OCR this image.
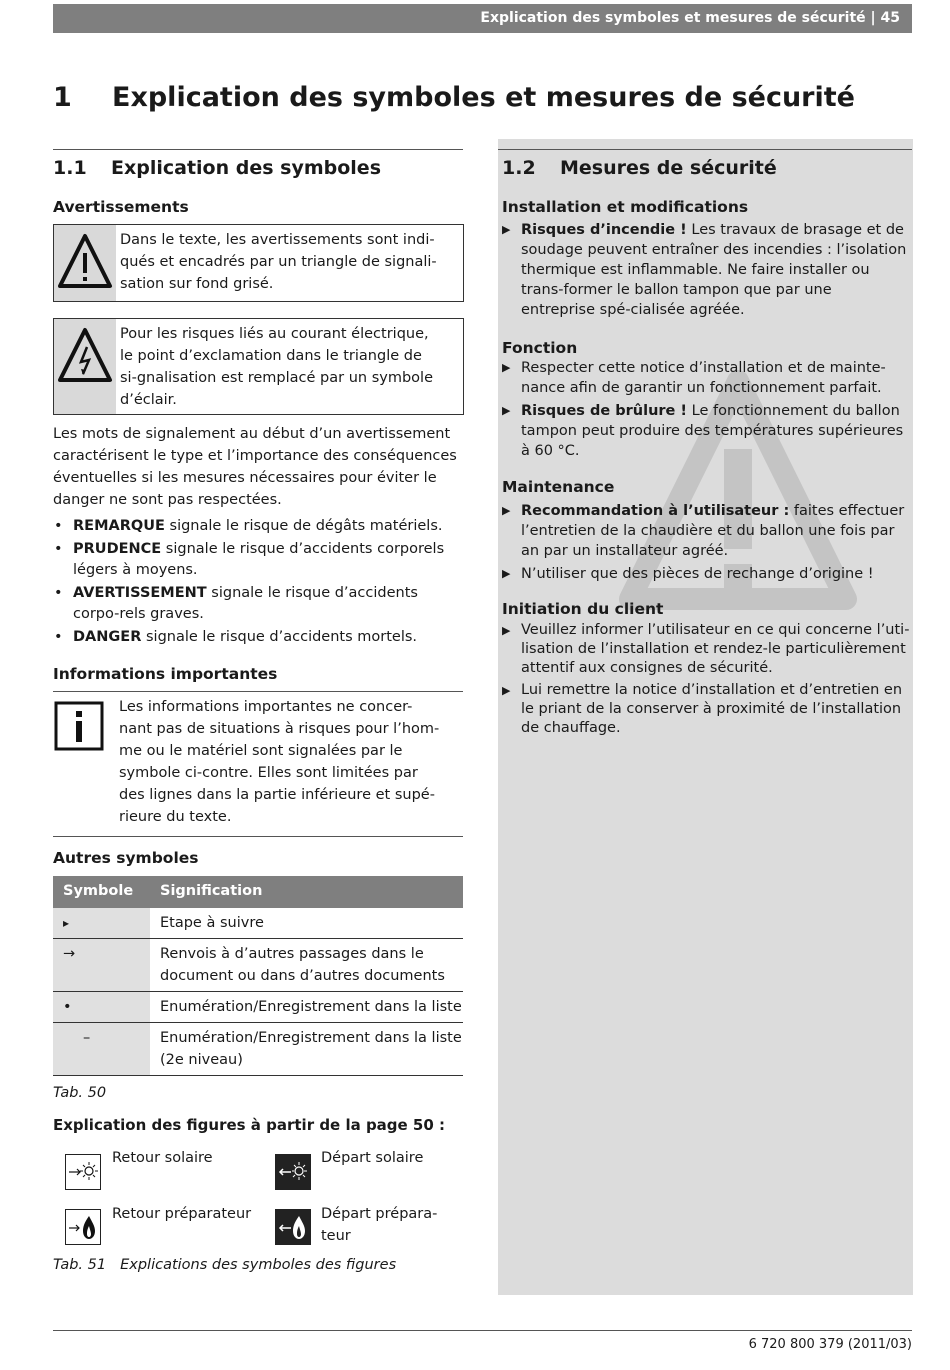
Explication des symboles et mesures de sécurité | 45
1 Explication des symboles et mesures de sécurité
1.1 Explication des symboles
Avertissements
Dans le texte, les avertissements sont indi-qués et encadrés par un triangle de signali-sation sur fond grisé.
Pour les risques liés au courant électrique, le point d’exclamation dans le triangle de si-gnalisation est remplacé par un symbole d’éclair.
Les mots de signalement au début d’un avertissement caractérisent le type et l’importance des conséquences éventuelles si les mesures nécessaires pour éviter le danger ne sont pas respectées.
• REMARQUE signale le risque de dégâts matériels.
• PRUDENCE signale le risque d’accidents corporels légers à moyens.
• AVERTISSEMENT signale le risque d’accidents corpo-rels graves.
• DANGER signale le risque d’accidents mortels.
Informations importantes
Les informations importantes ne concer-nant pas de situations à risques pour l’hom-me ou le matériel sont signalées par le symbole ci-contre. Elles sont limitées par des lignes dans la partie inférieure et supé-rieure du texte.
Autres symboles
Symbole Signification
▸	Etape à suivre
→	Renvois à d’autres passages dans le document ou dans d’autres documents
•	Enumération/Enregistrement dans la liste
–	Enumération/Enregistrement dans la liste (2e niveau)
Tab. 50
Explication des figures à partir de la page 50 :
Retour solaire	Départ solaire
Retour préparateur	Départ prépara-teur
Tab. 51 Explications des symboles des figures
1.2 Mesures de sécurité
Installation et modifications
▶ Risques d’incendie ! Les travaux de brasage et de soudage peuvent entraîner des incendies : l’isolation thermique est inflammable. Ne faire installer ou trans-former le ballon tampon que par une entreprise spé-cialisée agréée.
Fonction
▶ Respecter cette notice d’installation et de mainte-nance afin de garantir un fonctionnement parfait.
▶ Risques de brûlure ! Le fonctionnement du ballon tampon peut produire des températures supérieures à 60 °C.
Maintenance
▶ Recommandation à l’utilisateur : faites effectuer l’entretien de la chaudière et du ballon une fois par an par un installateur agréé.
▶ N’utiliser que des pièces de rechange d’origine !
Initiation du client
▶ Veuillez informer l’utilisateur en ce qui concerne l’uti-lisation de l’installation et rendez-le particulièrement attentif aux consignes de sécurité.
▶ Lui remettre la notice d’installation et d’entretien en le priant de la conserver à proximité de l’installation de chauffage.
6 720 800 379 (2011/03)
